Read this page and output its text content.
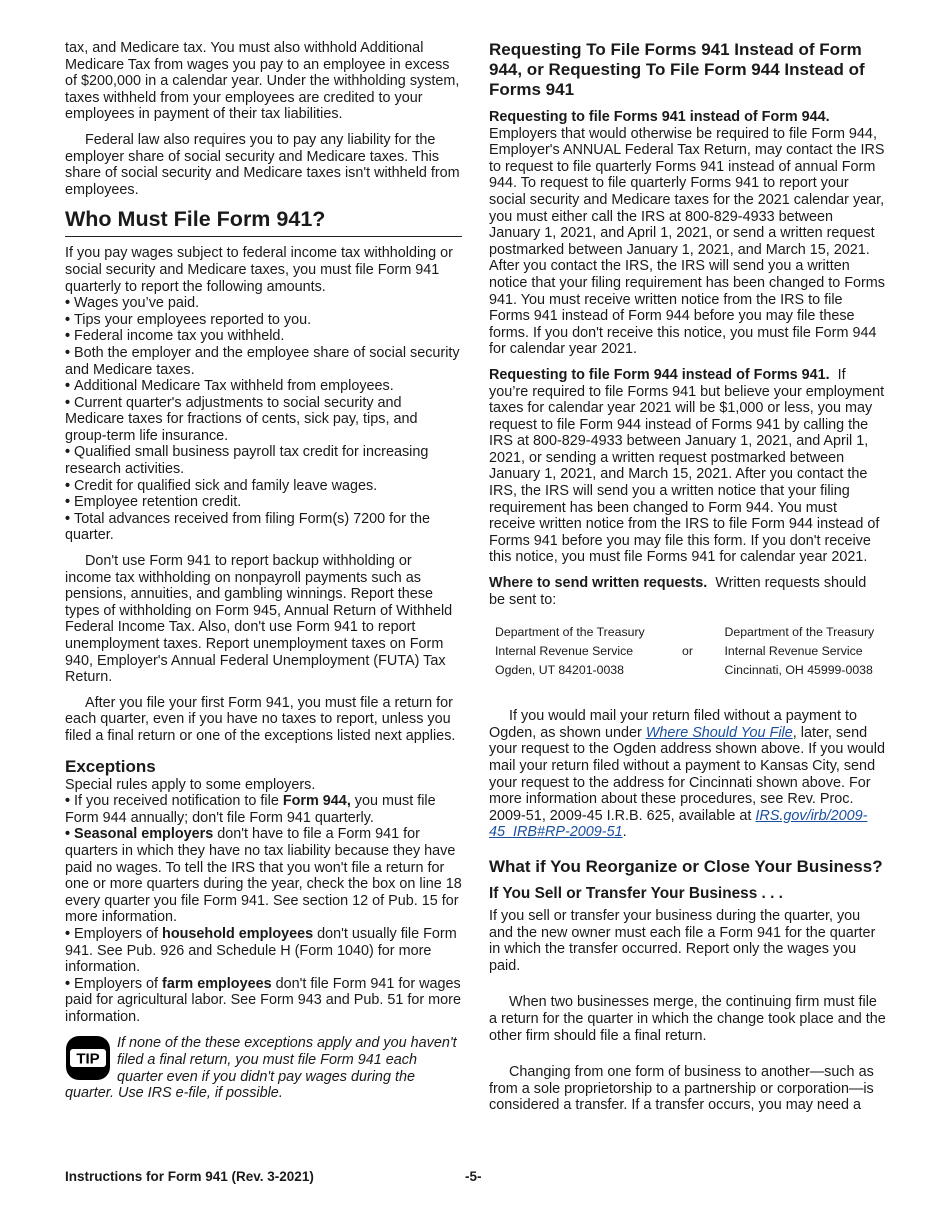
tax, and Medicare tax. You must also withhold Additional Medicare Tax from wages you pay to an employee in excess of $200,000 in a calendar year. Under the withholding system, taxes withheld from your employees are credited to your employees in payment of their tax liabilities.

Federal law also requires you to pay any liability for the employer share of social security and Medicare taxes. This share of social security and Medicare taxes isn't withheld from employees.

Who Must File Form 941?

If you pay wages subject to federal income tax withholding or social security and Medicare taxes, you must file Form 941 quarterly to report the following amounts.

• Wages you’ve paid.

• Tips your employees reported to you.

• Federal income tax you withheld.

• Both the employer and the employee share of social security and Medicare taxes.

• Additional Medicare Tax withheld from employees.

• Current quarter's adjustments to social security and Medicare taxes for fractions of cents, sick pay, tips, and group-term life insurance.

• Qualified small business payroll tax credit for increasing research activities.

• Credit for qualified sick and family leave wages.

• Employee retention credit.

• Total advances received from filing Form(s) 7200 for the quarter.

Don't use Form 941 to report backup withholding or income tax withholding on nonpayroll payments such as pensions, annuities, and gambling winnings. Report these types of withholding on Form 945, Annual Return of Withheld Federal Income Tax. Also, don't use Form 941 to report unemployment taxes. Report unemployment taxes on Form 940, Employer's Annual Federal Unemployment (FUTA) Tax Return.

After you file your first Form 941, you must file a return for each quarter, even if you have no taxes to report, unless you filed a final return or one of the exceptions listed next applies.

Exceptions

Special rules apply to some employers.

• If you received notification to file Form 944, you must file Form 944 annually; don't file Form 941 quarterly.

• Seasonal employers don't have to file a Form 941 for quarters in which they have no tax liability because they have paid no wages. To tell the IRS that you won't file a return for one or more quarters during the year, check the box on line 18 every quarter you file Form 941. See section 12 of Pub. 15 for more information.

• Employers of household employees don't usually file Form 941. See Pub. 926 and Schedule H (Form 1040) for more information.

• Employers of farm employees don't file Form 941 for wages paid for agricultural labor. See Form 943 and Pub. 51 for more information.

TIP
If none of the these exceptions apply and you haven't filed a final return, you must file Form 941 each quarter even if you didn't pay wages during the quarter. Use IRS e-file, if possible.
Requesting To File Forms 941 Instead of Form 944, or Requesting To File Form 944 Instead of Forms 941

Requesting to file Forms 941 instead of Form 944. Employers that would otherwise be required to file Form 944, Employer's ANNUAL Federal Tax Return, may contact the IRS to request to file quarterly Forms 941 instead of annual Form 944. To request to file quarterly Forms 941 to report your social security and Medicare taxes for the 2021 calendar year, you must either call the IRS at 800-829-4933 between January 1, 2021, and April 1, 2021, or send a written request postmarked between January 1, 2021, and March 15, 2021. After you contact the IRS, the IRS will send you a written notice that your filing requirement has been changed to Forms 941. You must receive written notice from the IRS to file Forms 941 instead of Form 944 before you may file these forms. If you don't receive this notice, you must file Form 944 for calendar year 2021.

Requesting to file Form 944 instead of Forms 941. If you’re required to file Forms 941 but believe your employment taxes for calendar year 2021 will be $1,000 or less, you may request to file Form 944 instead of Forms 941 by calling the IRS at 800-829-4933 between January 1, 2021, and April 1, 2021, or sending a written request postmarked between January 1, 2021, and March 15, 2021. After you contact the IRS, the IRS will send you a written notice that your filing requirement has been changed to Form 944. You must receive written notice from the IRS to file Form 944 instead of Forms 941 before you may file this form. If you don't receive this notice, you must file Forms 941 for calendar year 2021.

Where to send written requests. Written requests should be sent to:

Department of the Treasury		Department of the Treasury
Internal Revenue Service	or	Internal Revenue Service
Ogden, UT 84201-0038		Cincinnati, OH 45999-0038

If you would mail your return filed without a payment to Ogden, as shown under Where Should You File, later, send your request to the Ogden address shown above. If you would mail your return filed without a payment to Kansas City, send your request to the address for Cincinnati shown above. For more information about these procedures, see Rev. Proc. 2009-51, 2009-45 I.R.B. 625, available at IRS.gov/irb/2009-45_IRB#RP-2009-51.

What if You Reorganize or Close Your Business?
If You Sell or Transfer Your Business . . .

If you sell or transfer your business during the quarter, you and the new owner must each file a Form 941 for the quarter in which the transfer occurred. Report only the wages you paid.

When two businesses merge, the continuing firm must file a return for the quarter in which the change took place and the other firm should file a final return.

Changing from one form of business to another—such as from a sole proprietorship to a partnership or corporation—is considered a transfer. If a transfer occurs, you may need a

Instructions for Form 941 (Rev. 3-2021)	-5-
